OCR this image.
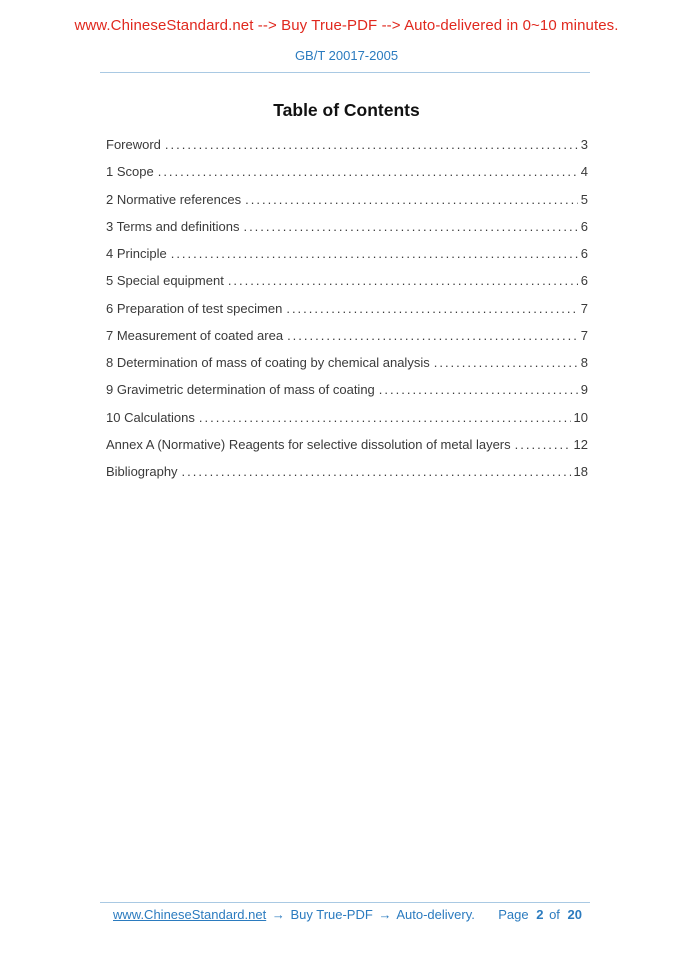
www.ChineseStandard.net --> Buy True-PDF --> Auto-delivered in 0~10 minutes.
GB/T 20017-2005
Table of Contents
Foreword .....	3
1 Scope .....	4
2 Normative references .....	5
3 Terms and definitions .....	6
4 Principle .....	6
5 Special equipment .....	6
6 Preparation of test specimen .....	7
7 Measurement of coated area .....	7
8 Determination of mass of coating by chemical analysis .....	8
9 Gravimetric determination of mass of coating .....	9
10 Calculations .....	10
Annex A (Normative) Reagents for selective dissolution of metal layers .....	12
Bibliography .....	18
www.ChineseStandard.net → Buy True-PDF → Auto-delivery. Page 2 of 20
